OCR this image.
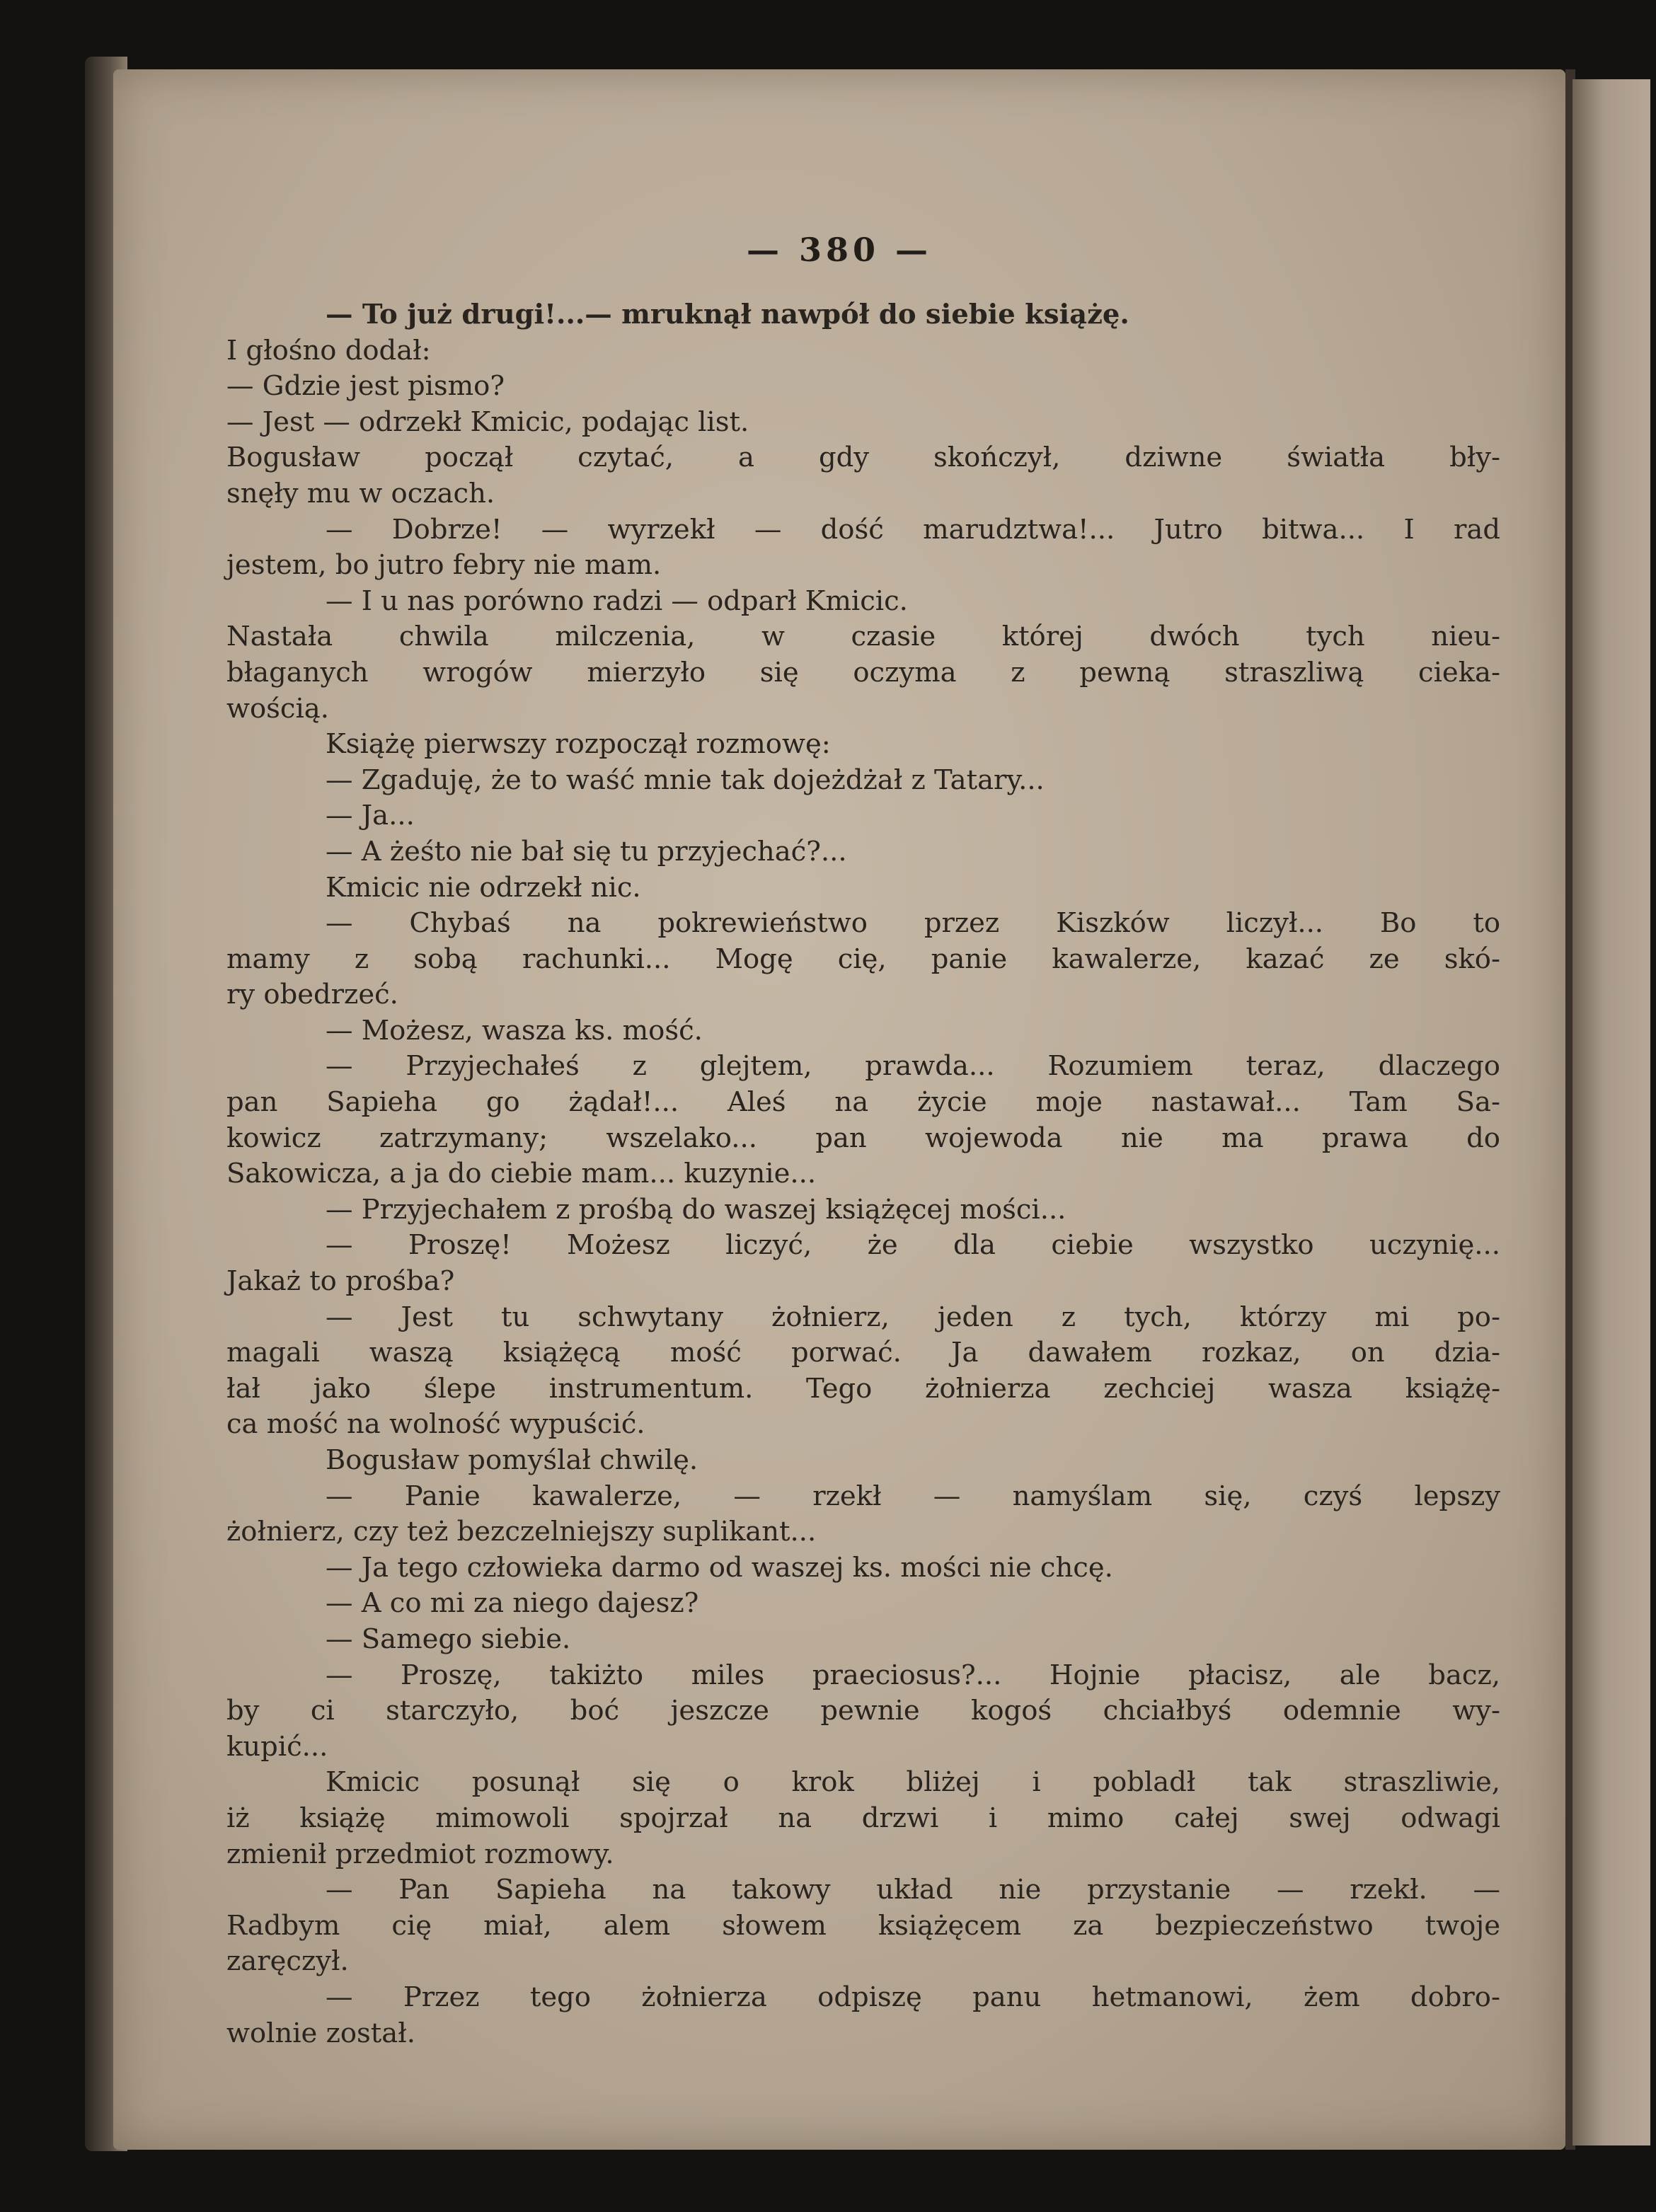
— 380 —
— To już drugi!...— mruknął nawpół do siebie książę.
I głośno dodał:
— Gdzie jest pismo?
— Jest — odrzekł Kmicic, podając list.
Bogusław począł czytać, a gdy skończył, dziwne światła bły-
snęły mu w oczach.
— Dobrze! — wyrzekł — dość marudztwa!... Jutro bitwa... I rad
jestem, bo jutro febry nie mam.
— I u nas porówno radzi — odparł Kmicic.
Nastała chwila milczenia, w czasie której dwóch tych nieu-
błaganych wrogów mierzyło się oczyma z pewną straszliwą cieka-
wością.
Książę pierwszy rozpoczął rozmowę:
— Zgaduję, że to waść mnie tak dojeżdżał z Tatary...
— Ja...
— A żeśto nie bał się tu przyjechać?...
Kmicic nie odrzekł nic.
— Chybaś na pokrewieństwo przez Kiszków liczył... Bo to
mamy z sobą rachunki... Mogę cię, panie kawalerze, kazać ze skó-
ry obedrzeć.
— Możesz, wasza ks. mość.
— Przyjechałeś z glejtem, prawda... Rozumiem teraz, dlaczego
pan Sapieha go żądał!... Aleś na życie moje nastawał... Tam Sa-
kowicz zatrzymany; wszelako... pan wojewoda nie ma prawa do
Sakowicza, a ja do ciebie mam... kuzynie...
— Przyjechałem z prośbą do waszej książęcej mości...
— Proszę! Możesz liczyć, że dla ciebie wszystko uczynię...
Jakaż to prośba?
— Jest tu schwytany żołnierz, jeden z tych, którzy mi po-
magali waszą książęcą mość porwać. Ja dawałem rozkaz, on dzia-
łał jako ślepe instrumentum. Tego żołnierza zechciej wasza książę-
ca mość na wolność wypuścić.
Bogusław pomyślał chwilę.
— Panie kawalerze, — rzekł — namyślam się, czyś lepszy
żołnierz, czy też bezczelniejszy suplikant...
— Ja tego człowieka darmo od waszej ks. mości nie chcę.
— A co mi za niego dajesz?
— Samego siebie.
— Proszę, takiżto miles praeciosus?... Hojnie płacisz, ale bacz,
by ci starczyło, boć jeszcze pewnie kogoś chciałbyś odemnie wy-
kupić...
Kmicic posunął się o krok bliżej i pobladł tak straszliwie,
iż książę mimowoli spojrzał na drzwi i mimo całej swej odwagi
zmienił przedmiot rozmowy.
— Pan Sapieha na takowy układ nie przystanie — rzekł. —
Radbym cię miał, alem słowem książęcem za bezpieczeństwo twoje
zaręczył.
— Przez tego żołnierza odpiszę panu hetmanowi, żem dobro-
wolnie został.
